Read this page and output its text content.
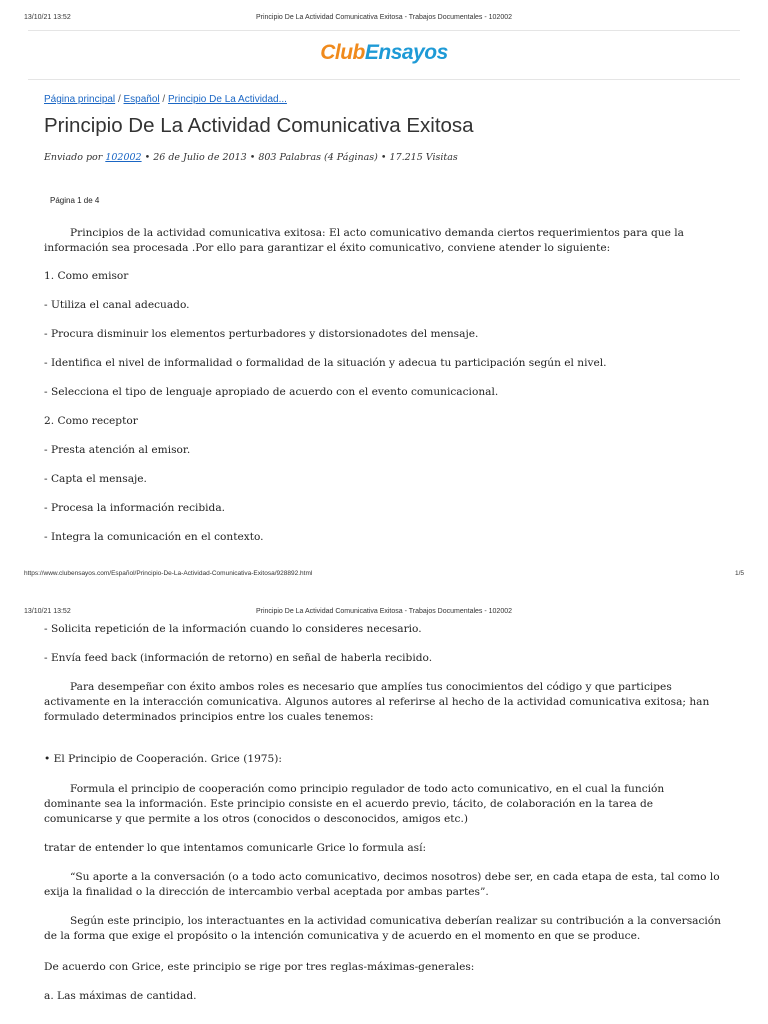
13/10/21 13:52	Principio De La Actividad Comunicativa Exitosa - Trabajos Documentales - 102002
ClubEnsayos
Página principal / Español / Principio De La Actividad...
Principio De La Actividad Comunicativa Exitosa
Enviado por 102002 • 26 de Julio de 2013 • 803 Palabras (4 Páginas) • 17.215 Visitas
Página 1 de 4
Principios de la actividad comunicativa exitosa: El acto comunicativo demanda ciertos requerimientos para que la información sea procesada .Por ello para garantizar el éxito comunicativo, conviene atender lo siguiente:
1. Como emisor
- Utiliza el canal adecuado.
- Procura disminuir los elementos perturbadores y distorsionadotes del mensaje.
- Identifica el nivel de informalidad o formalidad de la situación y adecua tu participación según el nivel.
- Selecciona el tipo de lenguaje apropiado de acuerdo con el evento comunicacional.
2. Como receptor
- Presta atención al emisor.
- Capta el mensaje.
- Procesa la información recibida.
- Integra la comunicación en el contexto.
https://www.clubensayos.com/Español/Principio-De-La-Actividad-Comunicativa-Exitosa/928892.html	1/5
13/10/21 13:52	Principio De La Actividad Comunicativa Exitosa - Trabajos Documentales - 102002
- Solicita repetición de la información cuando lo consideres necesario.
- Envía feed back (información de retorno) en señal de haberla recibido.
Para desempeñar con éxito ambos roles es necesario que amplíes tus conocimientos del código y que participes activamente en la interacción comunicativa. Algunos autores al referirse al hecho de la actividad comunicativa exitosa; han formulado determinados principios entre los cuales tenemos:
• El Principio de Cooperación. Grice (1975):
Formula el principio de cooperación como principio regulador de todo acto comunicativo, en el cual la función dominante sea la información. Este principio consiste en el acuerdo previo, tácito, de colaboración en la tarea de comunicarse y que permite a los otros (conocidos o desconocidos, amigos etc.)
tratar de entender lo que intentamos comunicarle Grice lo formula así:
“Su aporte a la conversación (o a todo acto comunicativo, decimos nosotros) debe ser, en cada etapa de esta, tal como lo exija la finalidad o la dirección de intercambio verbal aceptada por ambas partes”.
Según este principio, los interactuantes en la actividad comunicativa deberían realizar su contribución a la conversación de la forma que exige el propósito o la intención comunicativa y de acuerdo en el momento en que se produce.
De acuerdo con Grice, este principio se rige por tres reglas-máximas-generales:
a. Las máximas de cantidad.
